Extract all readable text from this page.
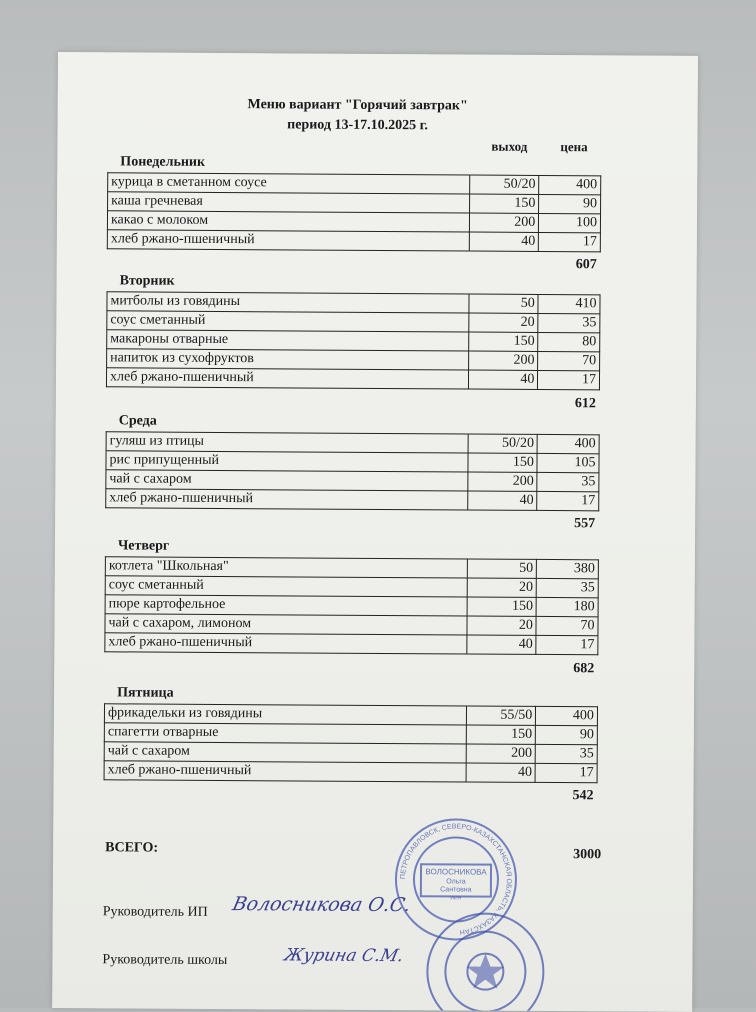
Меню вариант "Горячий завтрак"
период 13-17.10.2025 г.
выход	цена
Понедельник
курица в сметанном соусе	50/20	400
каша гречневая	150	90
какао с молоком	200	100
хлеб ржано-пшеничный	40	17
607
Вторник
митболы из говядины	50	410
соус сметанный	20	35
макароны отварные	150	80
напиток из сухофруктов	200	70
хлеб ржано-пшеничный	40	17
612
Среда
гуляш из птицы	50/20	400
рис припущенный	150	105
чай с сахаром	200	35
хлеб ржано-пшеничный	40	17
557
Четверг
котлета "Школьная"	50	380
соус сметанный	20	35
пюре картофельное	150	180
чай с сахаром, лимоном	20	70
хлеб ржано-пшеничный	40	17
682
Пятница
фрикадельки из говядины	55/50	400
спагетти отварные	150	90
чай с сахаром	200	35
хлеб ржано-пшеничный	40	17
542
ВСЕГО:	3000
Руководитель ИП Волосникова О.С.
Руководитель школы	Журина С.М.
ПЕТРОПАВЛОВСК, СЕВЕРО-КАЗАХСТАНСКАЯ ОБЛАСТЬ, КАЗАХСТАН
ВОЛОСНИКОВА
Ольга
Сантовна
ИИН
